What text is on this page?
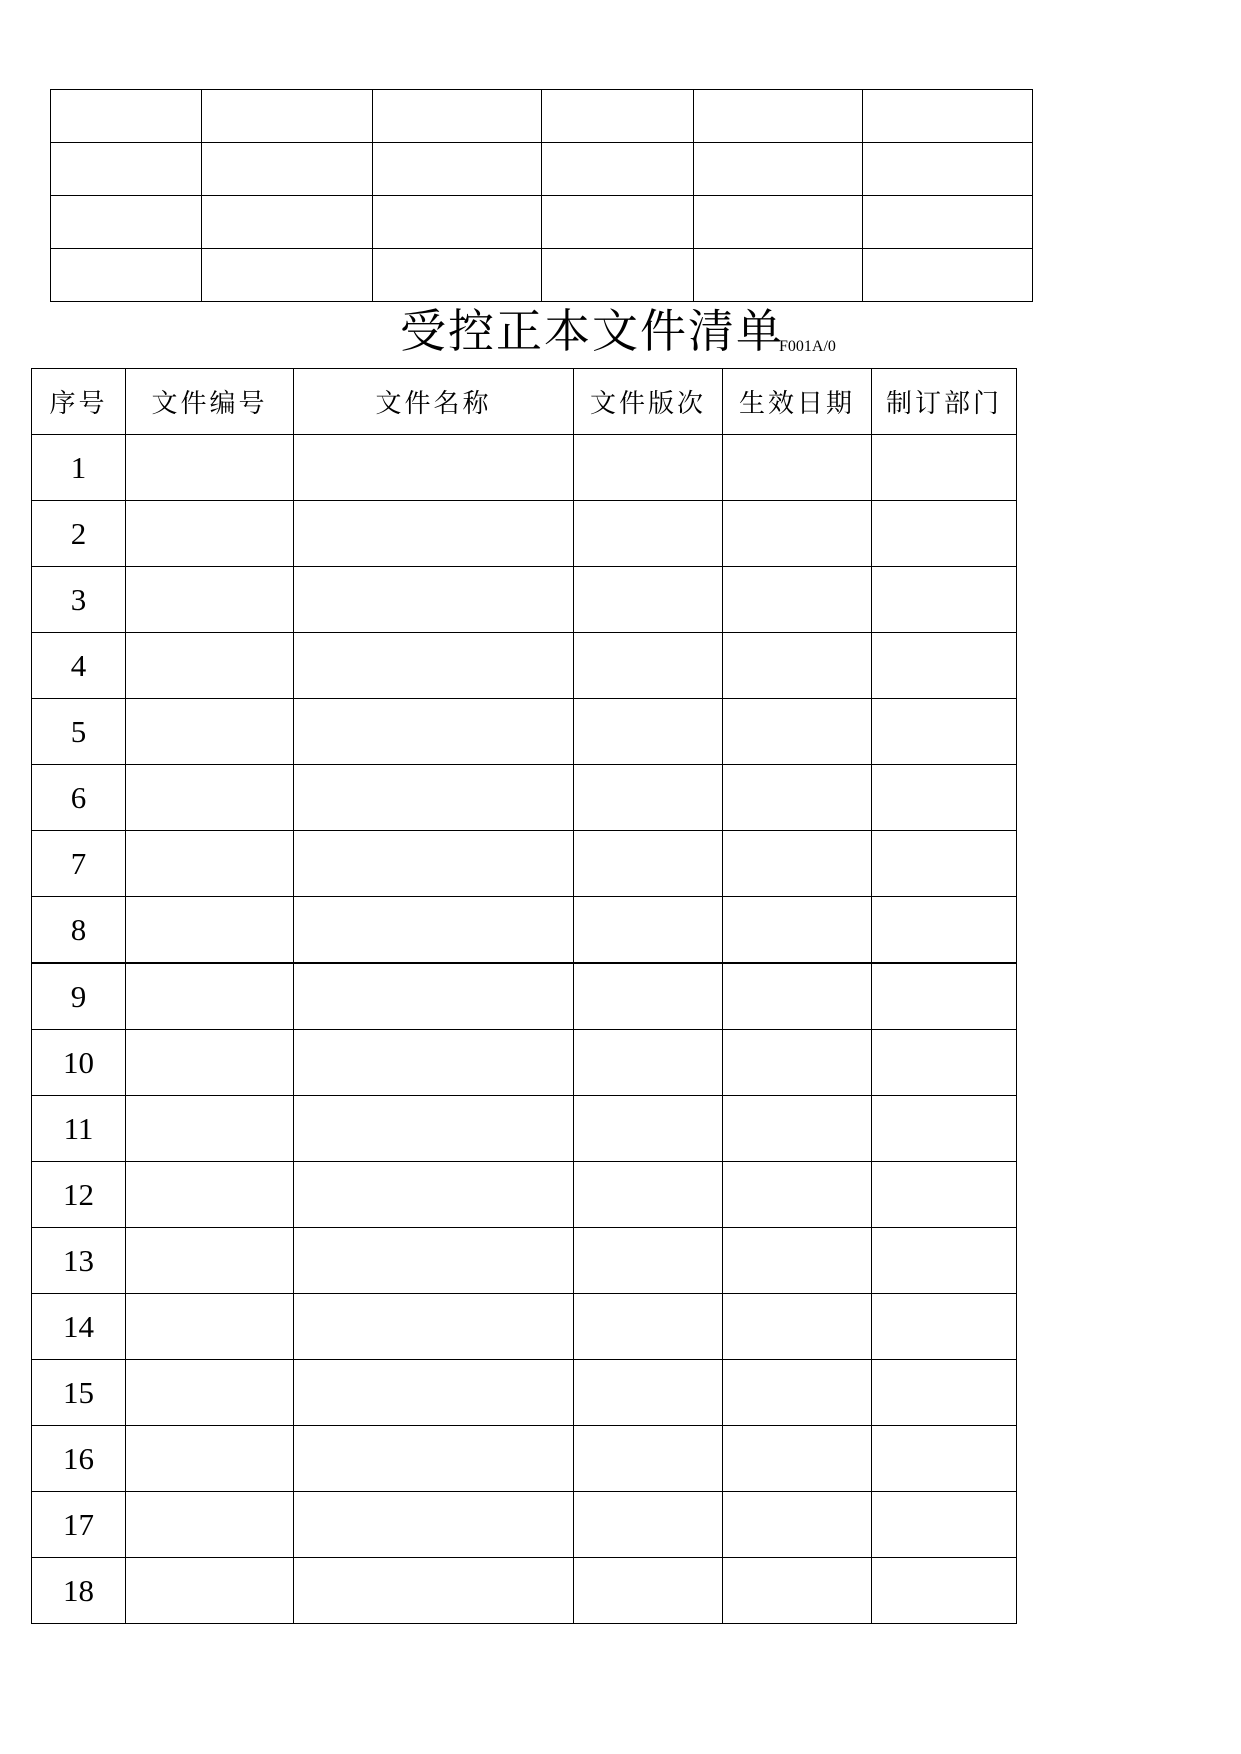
受控正本文件清单
F001A/0
序号	文件编号	文件名称	文件版次	生效日期	制订部门
1					
2					
3					
4					
5					
6					
7					
8					
9					
10					
11					
12					
13					
14					
15					
16					
17					
18					
